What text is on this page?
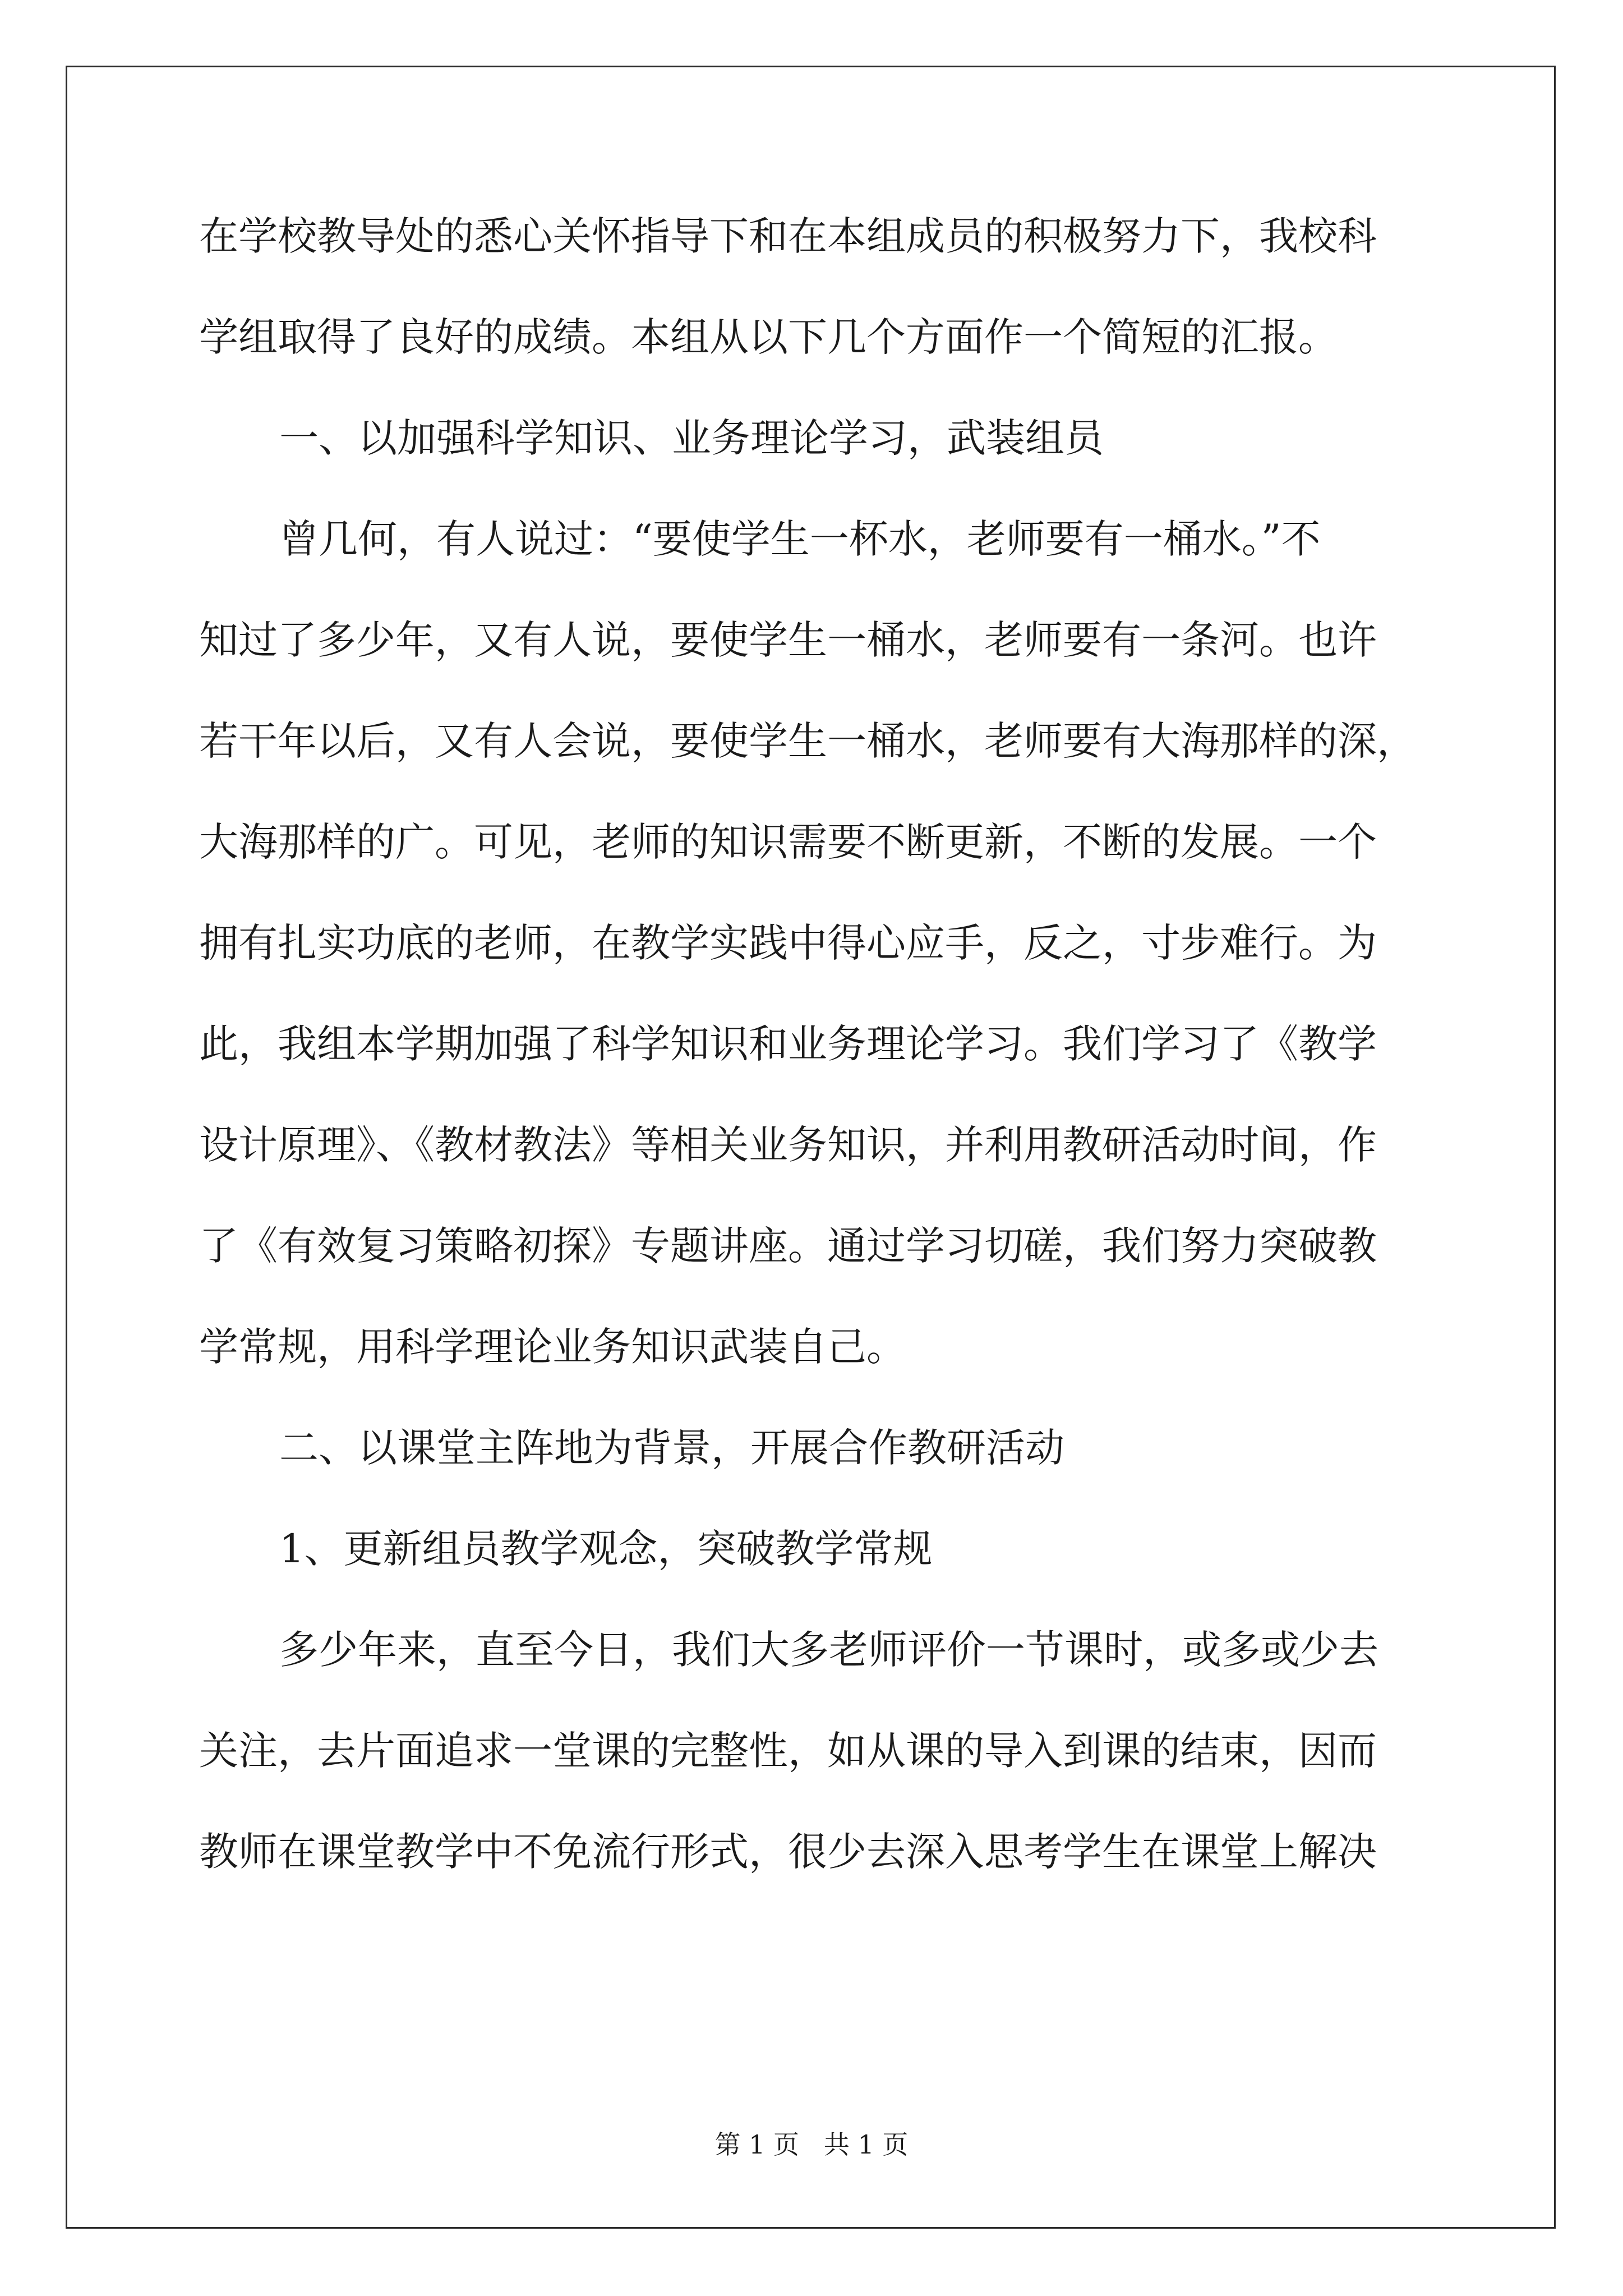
在学校教导处的悉心关怀指导下和在本组成员的积极努力下，我校科
学组取得了良好的成绩。本组从以下几个方面作一个简短的汇报。
一、以加强科学知识、业务理论学习，武装组员
曾几何，有人说过：“要使学生一杯水，老师要有一桶水。”不
知过了多少年，又有人说，要使学生一桶水，老师要有一条河。也许
若干年以后，又有人会说，要使学生一桶水，老师要有大海那样的深，
大海那样的广。可见，老师的知识需要不断更新，不断的发展。一个
拥有扎实功底的老师，在教学实践中得心应手，反之，寸步难行。为
此，我组本学期加强了科学知识和业务理论学习。我们学习了《教学
设计原理》、《教材教法》等相关业务知识，并利用教研活动时间，作
了《有效复习策略初探》专题讲座。通过学习切磋，我们努力突破教
学常规，用科学理论业务知识武装自己。
二、以课堂主阵地为背景，开展合作教研活动
1、更新组员教学观念，突破教学常规
多少年来，直至今日，我们大多老师评价一节课时，或多或少去
关注，去片面追求一堂课的完整性，如从课的导入到课的结束，因而
教师在课堂教学中不免流行形式，很少去深入思考学生在课堂上解决
第 1 页   共 1 页
